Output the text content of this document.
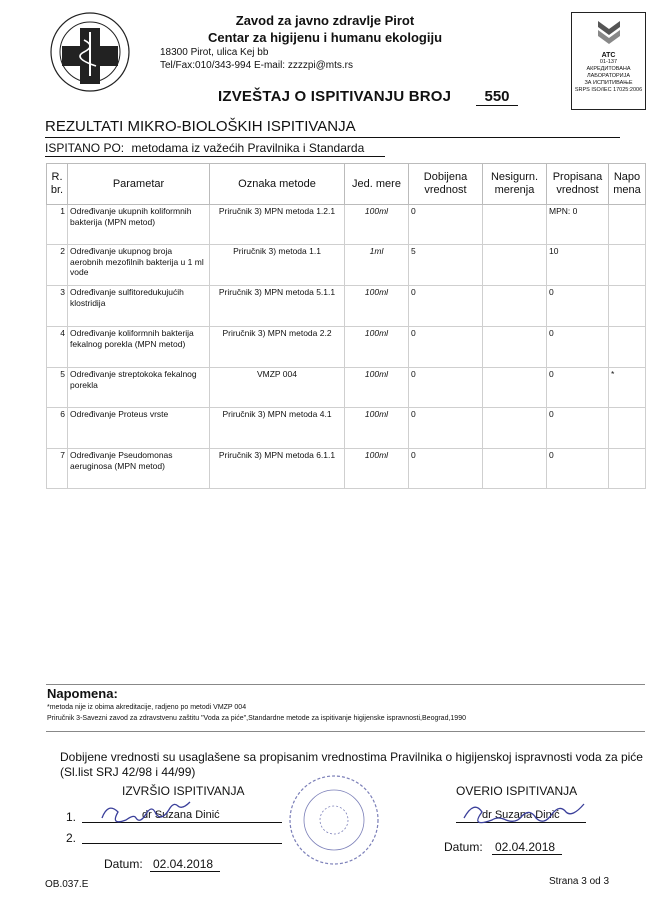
Zavod za javno zdravlje Pirot
Centar za higijenu i humanu ekologiju
18300 Pirot, ulica Kej bb
Tel/Fax:010/343-994 E-mail: zzzzpi@mts.rs
IZVEŠTAJ O ISPITIVANJU BROJ	550
ATC
01-137
АКРЕДИТОВАНА
ЛАБОРАТОРИЈА
ЗА ИСПИТИВАЊЕ
SRPS ISO/IEC 17025:2006
REZULTATI MIKRO-BIOLOŠKIH ISPITIVANJA
ISPITANO PO: metodama iz važećih Pravilnika i Standarda
R. br.	Parametar	Oznaka metode	Jed. mere	Dobijena vrednost	Nesigurn. merenja	Propisana vrednost	Napo mena
1	Određivanje ukupnih koliformnih bakterija (MPN metod)	Priručnik 3) MPN metoda 1.2.1	100ml	0		MPN: 0	
2	Određivanje ukupnog broja aerobnih mezofilnih bakterija u 1 ml vode	Priručnik 3) metoda 1.1	1ml	5		10	
3	Određivanje sulfitoredukujućih klostridija	Priručnik 3) MPN metoda 5.1.1	100ml	0		0	
4	Određivanje koliformnih bakterija fekalnog porekla (MPN metod)	Priručnik 3) MPN metoda 2.2	100ml	0		0	
5	Određivanje streptokoka fekalnog porekla	VMZP 004	100ml	0		0	*
6	Određivanje Proteus vrste	Priručnik 3) MPN metoda 4.1	100ml	0		0	
7	Određivanje Pseudomonas aeruginosa (MPN metod)	Priručnik 3) MPN metoda 6.1.1	100ml	0		0	
Napomena:
*metoda nije iz obima akreditacije, radjeno po metodi VMZP 004
Priručnik 3-Savezni zavod za zdravstvenu zaštitu "Voda za piće",Standardne metode za ispitivanje higijenske ispravnosti,Beograd,1990
Dobijene vrednosti su usaglašene sa propisanim vrednostima Pravilnika o higijenskoj ispravnosti voda za piće (Sl.list SRJ 42/98 i 44/99)
IZVRŠIO ISPITIVANJA	OVERIO ISPITIVANJA
1.
2.
dr Suzana Dinić	dr Suzana Dinić
Datum: 02.04.2018
Datum: 02.04.2018
OB.037.E	Strana 3 od 3
